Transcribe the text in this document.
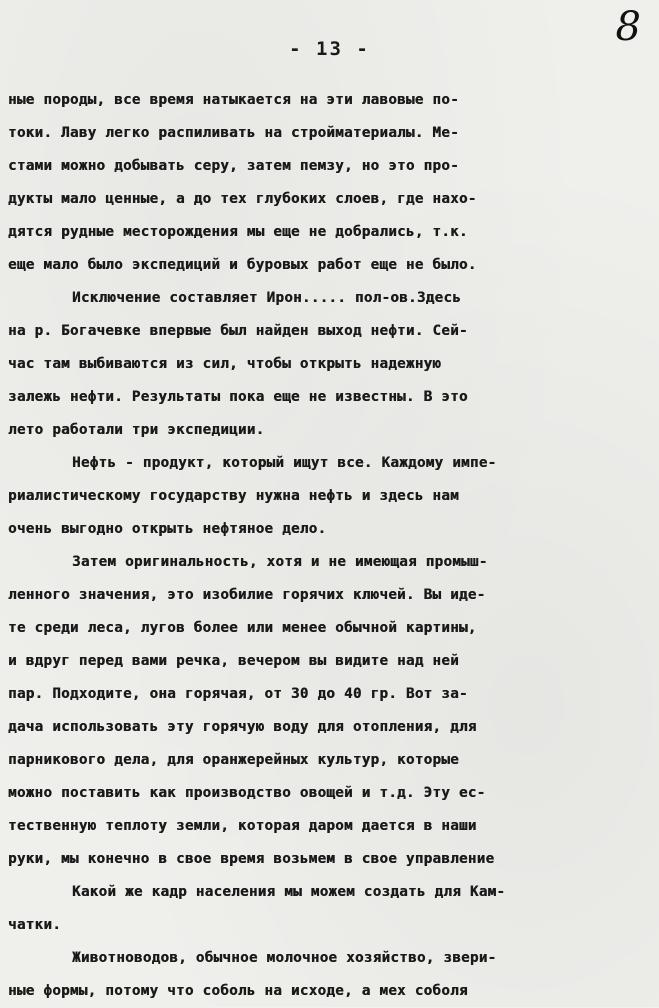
- 13 -	8
ные породы, все время натыкается на эти лавовые по-
токи. Лаву легко распиливать на стройматериалы. Ме-
стами можно добывать серу, затем пемзу, но это про-
дукты мало ценные, а до тех глубоких слоев, где нахо-
дятся рудные месторождения мы еще не добрались, т.к.
еще мало было экспедиций и буровых работ еще не было.
Исключение составляет Ирон..... пол-ов.Здесь
на р. Богачевке впервые был найден выход нефти. Сей-
час там выбиваются из сил, чтобы открыть надежную
залежь нефти. Результаты пока еще не известны. В это
лето работали три экспедиции.
Нефть - продукт, который ищут все. Каждому импе-
риалистическому государству нужна нефть и здесь нам
очень выгодно открыть нефтяное дело.
Затем оригинальность, хотя и не имеющая промыш-
ленного значения, это изобилие горячих ключей. Вы иде-
те среди леса, лугов более или менее обычной картины,
и вдруг перед вами речка, вечером вы видите над ней
пар. Подходите, она горячая, от 30 до 40 гр. Вот за-
дача использовать эту горячую воду для отопления, для
парникового дела, для оранжерейных культур, которые
можно поставить как производство овощей и т.д. Эту ес-
тественную теплоту земли, которая даром дается в наши
руки, мы конечно в свое время возьмем в свое управление
Какой же кадр населения мы можем создать для Кам-
чатки.
Животноводов, обычное молочное хозяйство, звери-
ные формы, потому что соболь на исходе, а мех соболя
